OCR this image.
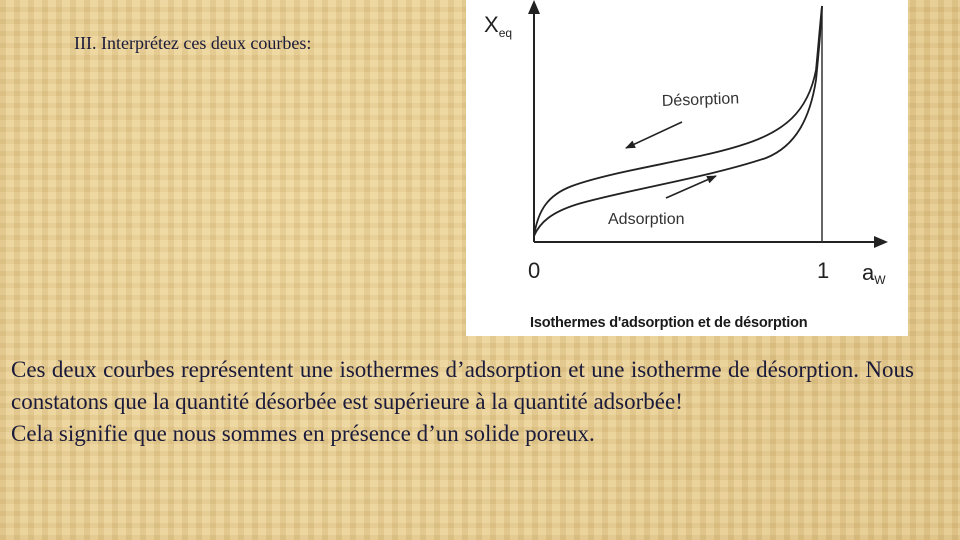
III. Interprétez ces deux courbes:
$X_{eq}$
Désorption
Adsorption
0	1 aW
Isothermes d'adsorption et de désorption

Ces deux courbes représentent une isothermes d’adsorption et une isotherme de désorption. Nous constatons que la quantité désorbée est supérieure à la quantité adsorbée!

Cela signifie que nous sommes en présence d’un solide poreux.
